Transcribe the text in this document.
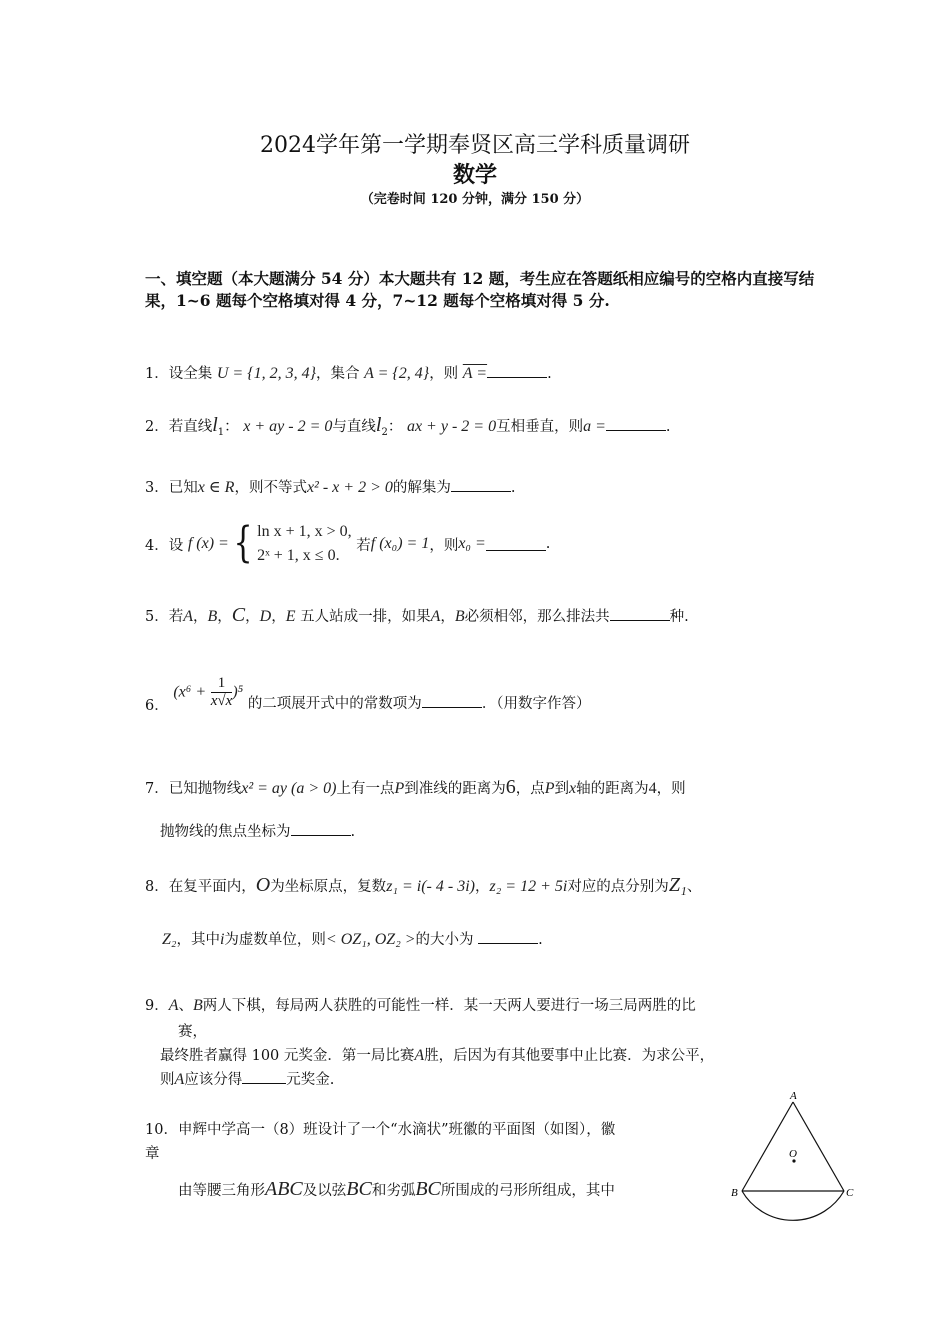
2024学年第一学期奉贤区高三学科质量调研
数学
（完卷时间 120 分钟，满分 150 分）
一、填空题（本大题满分 54 分）本大题共有 12 题，考生应在答题纸相应编号的空格内直接写结果，1~6 题每个空格填对得 4 分，7~12 题每个空格填对得 5 分.
1．设全集 U = {1, 2, 3, 4}，集合 A = {2, 4}，则 A =	.
2．若直线$l_1$： x + ay - 2 = 0与直线$l_2$： ax + y - 2 = 0互相垂直，则a =	.
3．已知x ∈ R，则不等式x² - x + 2 > 0的解集为	.
4．设 f (x) = { ln x + 1, x > 0,
2ˣ + 1, x ≤ 0.
若f (x₀) = 1，则x₀ =	.
5．若A，B，C，D，E 五人站成一排，如果A，B必须相邻，那么排法共	种.
6． $(x^6 + \frac{1}{x√x} )^5$ 的二项展开式中的常数项为	．（用数字作答）
7．已知抛物线x² = ay (a > 0)上有一点P到准线的距离为6，点P到x轴的距离为4，则
抛物线的焦点坐标为	.
8．在复平面内，O为坐标原点，复数z₁ = i(- 4 - 3i)，z₂ = 12 + 5i对应的点分别为Z₁、
Z₂，其中i为虚数单位，则< OZ₁, OZ₂ >的大小为	.
9．A、B两人下棋，每局两人获胜的可能性一样．某一天两人要进行一场三局两胜的比
赛，
最终胜者赢得 100 元奖金．第一局比赛A胜，后因为有其他要事中止比赛．为求公平，
则A应该分得	元奖金.
10．申辉中学高一（8）班设计了一个“水滴状”班徽的平面图（如图），徽
章
由等腰三角形ABC及以弦BC和劣弧BC所围成的弓形所组成，其中
A
B	C
O
